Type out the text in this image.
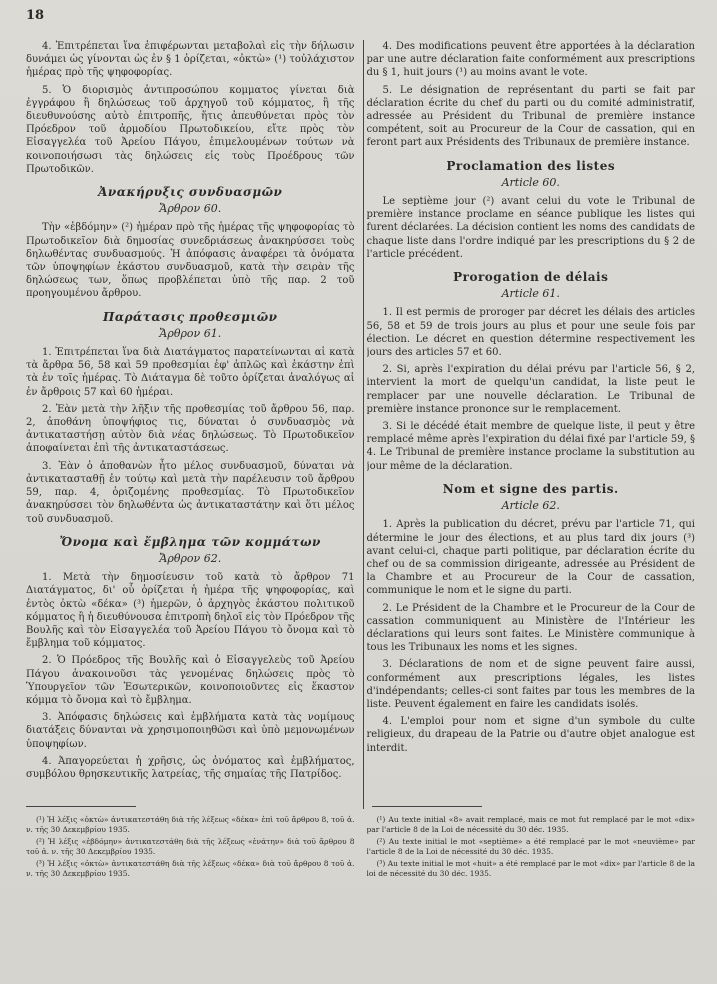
18

4. Ἐπιτρέπεται ἵνα ἐπιφέρωνται μεταβολαὶ εἰς τὴν δήλωσιν δυνάμει ὡς γίνονται ὡς ἐν § 1 ὁρίζεται, «ὀκτὼ» (¹) τοὐλάχιστον ἡμέρας πρὸ τῆς ψηφοφορίας.

5. Ὁ διορισμὸς ἀντιπροσώπου κομματος γίνεται διὰ ἐγγράφου ἢ δηλώσεως τοῦ ἀρχηγοῦ τοῦ κόμματος, ἢ τῆς διευθυνούσης αὐτὸ ἐπιτροπῆς, ἥτις ἀπευθύνεται πρὸς τὸν Πρόεδρον τοῦ ἀρμοδίου Πρωτοδικείου, εἴτε πρὸς τὸν Εἰσαγγελέα τοῦ Ἀρείου Πάγου, ἐπιμελουμένων τούτων νὰ κοινοποιήσωσι τὰς δηλώσεις εἰς τοὺς Προέδρους τῶν Πρωτοδικῶν.

Ἀνακήρυξις συνδυασμῶν
Ἄρθρον 60.

Τὴν «ἑβδόμην» (²) ἡμέραν πρὸ τῆς ἡμέρας τῆς ψηφοφορίας τὸ Πρωτοδικεῖον διὰ δημοσίας συνεδριάσεως ἀνακηρύσσει τοὺς δηλωθέντας συνδυασμούς. Ἡ ἀπόφασις ἀναφέρει τὰ ὀνόματα τῶν ὑποψηφίων ἑκάστου συνδυασμοῦ, κατὰ τὴν σειρὰν τῆς δηλώσεως των, ὅπως προβλέπεται ὑπὸ τῆς παρ. 2 τοῦ προηγουμένου ἄρθρου.

Παράτασις προθεσμιῶν
Ἄρθρον 61.

1. Ἐπιτρέπεται ἵνα διὰ Διατάγματος παρατείνωνται αἱ κατὰ τὰ ἄρθρα 56, 58 καὶ 59 προθεσμίαι ἐφ' ἁπλῶς καὶ ἑκάστην ἐπὶ τὰ ἐν τοῖς ἡμέρας. Τὸ Διάταγμα δὲ τοῦτο ὁρίζεται ἀναλόγως αἱ ἐν ἄρθροις 57 καὶ 60 ἡμέραι.

2. Ἐὰν μετὰ τὴν λῆξιν τῆς προθεσμίας τοῦ ἄρθρου 56, παρ. 2, ἀποθάνη ὑποψήφιος τις, δύναται ὁ συνδυασμὸς νὰ ἀντικαταστήσῃ αὐτὸν διὰ νέας δηλώσεως. Τὸ Πρωτοδικεῖον ἀποφαίνεται ἐπὶ τῆς ἀντικαταστάσεως.

3. Ἐὰν ὁ ἀποθανὼν ἦτο μέλος συνδυασμοῦ, δύναται νὰ ἀντικατασταθῇ ἐν τούτῳ καὶ μετὰ τὴν παρέλευσιν τοῦ ἄρθρου 59, παρ. 4, ὁριζομένης προθεσμίας. Τὸ Πρωτοδικεῖον ἀνακηρύσσει τὸν δηλωθέντα ὡς ἀντικαταστάτην καὶ ὅτι μέλος τοῦ συνδυασμοῦ.

Ὄνομα καὶ ἔμβλημα τῶν κομμάτων
Ἄρθρον 62.

1. Μετὰ τὴν δημοσίευσιν τοῦ κατὰ τὸ ἄρθρον 71 Διατάγματος, δι' οὗ ὁρίζεται ἡ ἡμέρα τῆς ψηφοφορίας, καὶ ἐντὸς ὀκτὼ «δέκα» (³) ἡμερῶν, ὁ ἀρχηγὸς ἑκάστου πολιτικοῦ κόμματος ἢ ἡ διευθύνουσα ἐπιτροπὴ δηλοῖ εἰς τὸν Πρόεδρον τῆς Βουλῆς καὶ τὸν Εἰσαγγελέα τοῦ Ἀρείου Πάγου τὸ ὄνομα καὶ τὸ ἔμβλημα τοῦ κόμματος.

2. Ὁ Πρόεδρος τῆς Βουλῆς καὶ ὁ Εἰσαγγελεὺς τοῦ Ἀρείου Πάγου ἀνακοινοῦσι τὰς γενομένας δηλώσεις πρὸς τὸ Ὑπουργεῖον τῶν Ἐσωτερικῶν, κοινοποιοῦντες εἰς ἕκαστον κόμμα τὸ ὄνομα καὶ τὸ ἔμβλημα.

3. Ἀπόφασις δηλώσεις καὶ ἐμβλήματα κατὰ τὰς νομίμους διατάξεις δύνανται νὰ χρησιμοποιηθῶσι καὶ ὑπὸ μεμονωμένων ὑποψηφίων.

4. Ἀπαγορεύεται ἡ χρῆσις, ὡς ὀνόματος καὶ ἐμβλήματος, συμβόλου θρησκευτικῆς λατρείας, τῆς σημαίας τῆς Πατρίδος.

4. Des modifications peuvent être apportées à la déclaration par une autre déclaration faite conformément aux prescriptions du § 1, huit jours (¹) au moins avant le vote.

5. Le désignation de représentant du parti se fait par déclaration écrite du chef du parti ou du comité administratif, adressée au Président du Tribunal de première instance compétent, soit au Procureur de la Cour de cassation, qui en feront part aux Présidents des Tribunaux de première instance.

Proclamation des listes
Article 60.

Le septième jour (²) avant celui du vote le Tribunal de première instance proclame en séance publique les listes qui furent déclarées. La décision contient les noms des candidats de chaque liste dans l'ordre indiqué par les prescriptions du § 2 de l'article précédent.

Prorogation de délais
Article 61.

1. Il est permis de proroger par décret les délais des articles 56, 58 et 59 de trois jours au plus et pour une seule fois par élection. Le décret en question détermine respectivement les jours des articles 57 et 60.

2. Si, après l'expiration du délai prévu par l'article 56, § 2, intervient la mort de quelqu'un candidat, la liste peut le remplacer par une nouvelle déclaration. Le Tribunal de première instance prononce sur le remplacement.

3. Si le décédé était membre de quelque liste, il peut y être remplacé même après l'expiration du délai fixé par l'article 59, § 4. Le Tribunal de première instance proclame la substitution au jour même de la déclaration.

Nom et signe des partis.
Article 62.

1. Après la publication du décret, prévu par l'article 71, qui détermine le jour des élections, et au plus tard dix jours (³) avant celui-ci, chaque parti politique, par déclaration écrite du chef ou de sa commission dirigeante, adressée au Président de la Chambre et au Procureur de la Cour de cassation, communique le nom et le signe du parti.

2. Le Président de la Chambre et le Procureur de la Cour de cassation communiquent au Ministère de l'Intérieur les déclarations qui leurs sont faites. Le Ministère communique à tous les Tribunaux les noms et les signes.

3. Déclarations de nom et de signe peuvent faire aussi, conformément aux prescriptions légales, les listes d'indépendants; celles-ci sont faites par tous les membres de la liste. Peuvent également en faire les candidats isolés.

4. L'emploi pour nom et signe d'un symbole du culte religieux, du drapeau de la Patrie ou d'autre objet analogue est interdit.

(¹) Ἡ λέξις «ὀκτὼ» ἀντικατεστάθη διὰ τῆς λέξεως «δέκα» ἐπὶ τοῦ ἄρθρου 8, τοῦ ἀ. ν. τῆς 30 Δεκεμβρίου 1935.

(²) Ἡ λέξις «ἑβδόμην» ἀντικατεστάθη διὰ τῆς λέξεως «ἐνάτην» διὰ τοῦ ἄρθρου 8 τοῦ ἀ. ν. τῆς 30 Δεκεμβρίου 1935.

(³) Ἡ λέξις «ὀκτὼ» ἀντικατεστάθη διὰ τῆς λέξεως «δέκα» διὰ τοῦ ἄρθρου 8 τοῦ ἀ. ν. τῆς 30 Δεκεμβρίου 1935.

(¹) Au texte initial «8» avait remplacé, mais ce mot fut remplacé par le mot «dix» par l'article 8 de la Loi de nécessité du 30 déc. 1935.

(²) Au texte initial le mot «septième» a été remplacé par le mot «neuvième» par l'article 8 de la Loi de nécessité du 30 déc. 1935.

(³) Au texte initial le mot «huit» a été remplacé par le mot «dix» par l'article 8 de la loi de nécessité du 30 déc. 1935.
